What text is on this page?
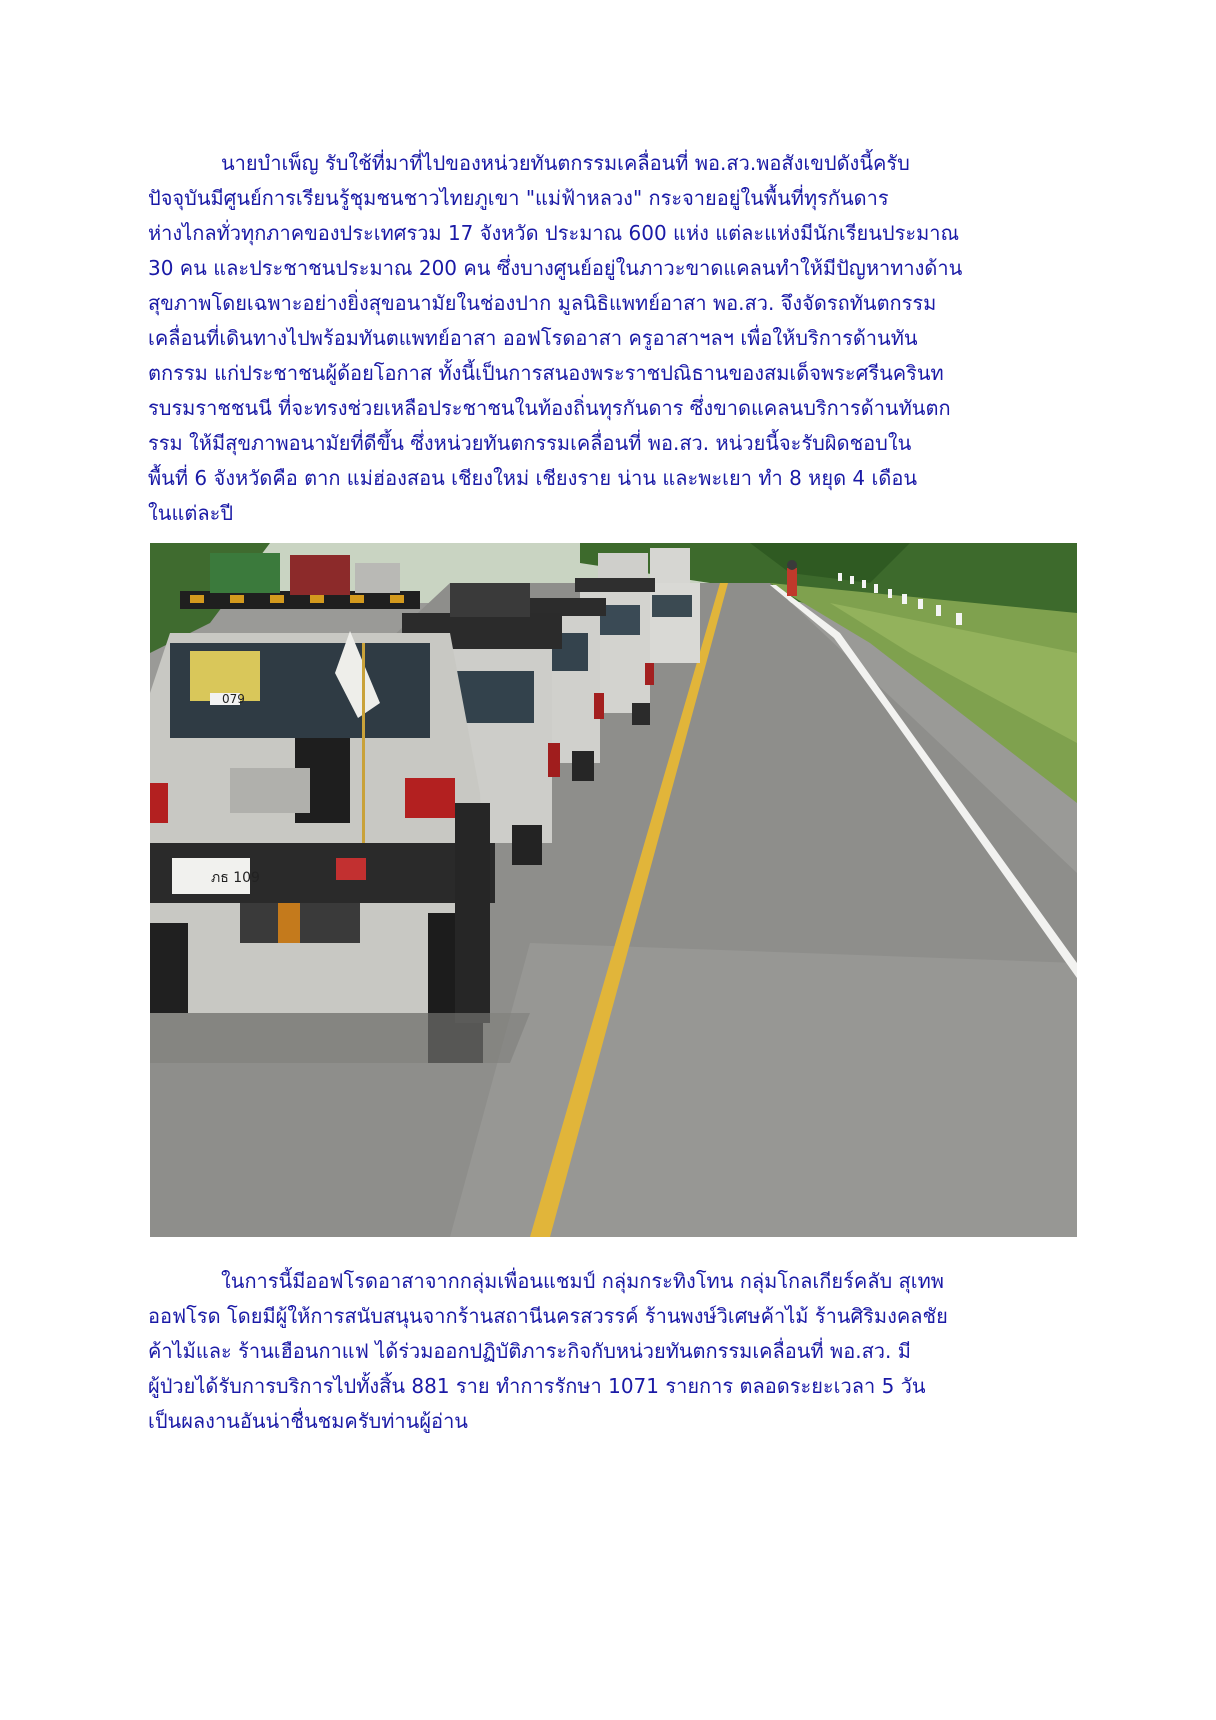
นายบำเพ็ญ รับใช้ที่มาที่ไปของหน่วยทันตกรรมเคลื่อนที่ พอ.สว.พอสังเขปดังนี้ครับ
ปัจจุบันมีศูนย์การเรียนรู้ชุมชนชาวไทยภูเขา "แม่ฟ้าหลวง" กระจายอยู่ในพื้นที่ทุรกันดาร
ห่างไกลทั่วทุกภาคของประเทศรวม 17 จังหวัด ประมาณ 600 แห่ง แต่ละแห่งมีนักเรียนประมาณ
30 คน และประชาชนประมาณ 200 คน ซึ่งบางศูนย์อยู่ในภาวะขาดแคลนทำให้มีปัญหาทางด้าน
สุขภาพโดยเฉพาะอย่างยิ่งสุขอนามัยในช่องปาก มูลนิธิแพทย์อาสา พอ.สว. จึงจัดรถทันตกรรม
เคลื่อนที่เดินทางไปพร้อมทันตแพทย์อาสา ออฟโรดอาสา ครูอาสาฯลฯ เพื่อให้บริการด้านทัน
ตกรรม แก่ประชาชนผู้ด้อยโอกาส ทั้งนี้เป็นการสนองพระราชปณิธานของสมเด็จพระศรีนครินท
รบรมราชชนนี ที่จะทรงช่วยเหลือประชาชนในท้องถิ่นทุรกันดาร ซึ่งขาดแคลนบริการด้านทันตก
รรม ให้มีสุขภาพอนามัยที่ดีขึ้น ซึ่งหน่วยทันตกรรมเคลื่อนที่ พอ.สว. หน่วยนี้จะรับผิดชอบใน
พื้นที่ 6 จังหวัดคือ ตาก แม่ฮ่องสอน เชียงใหม่ เชียงราย น่าน และพะเยา ทำ 8 หยุด 4 เดือน
ในแต่ละปี

ภธ 109
079

ในการนี้มีออฟโรดอาสาจากกลุ่มเพื่อนแชมป์ กลุ่มกระทิงโทน กลุ่มโกลเกียร์คลับ สุเทพ
ออฟโรด โดยมีผู้ให้การสนับสนุนจากร้านสถานีนครสวรรค์ ร้านพงษ์วิเศษค้าไม้ ร้านศิริมงคลชัย
ค้าไม้และ ร้านเฮือนกาแฟ ได้ร่วมออกปฏิบัติภาระกิจกับหน่วยทันตกรรมเคลื่อนที่ พอ.สว. มี
ผู้ป่วยได้รับการบริการไปทั้งสิ้น 881 ราย ทำการรักษา 1071 รายการ ตลอดระยะเวลา 5 วัน
เป็นผลงานอันน่าชื่นชมครับท่านผู้อ่าน
